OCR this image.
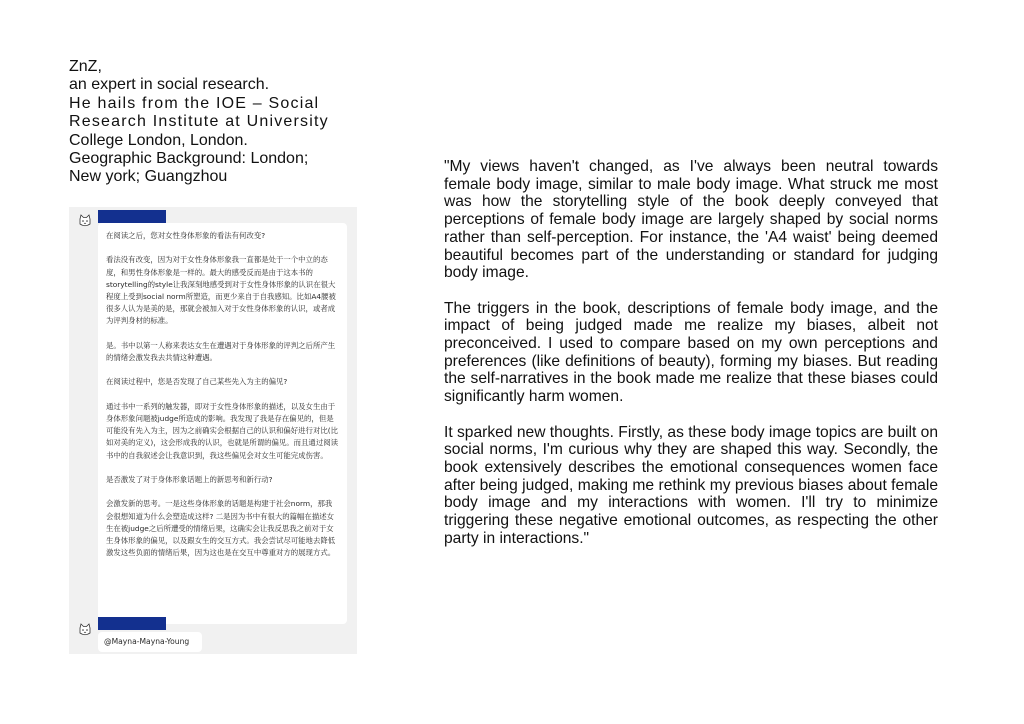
ZnZ,
an expert in social research.
He hails from the IOE – Social
Research Institute at University
College London, London.
Geographic Background: London;
New york; Guangzhou

在阅读之后，您对女性身体形象的看法有何改变?

看法没有改变，因为对于女性身体形象我一直都是处于一个中立的态度，和男性身体形象是一样的。最大的感受反而是由于这本书的storytelling的style让我深刻地感受到对于女性身体形象的认识在很大程度上受到social norm所塑造，而更少来自于自我感知。比如A4腰被很多人认为是美的是，那就会被加入对于女性身体形象的认识，或者成为评判身材的标准。

是。书中以第一人称来表达女生在遭遇对于身体形象的评判之后所产生的情绪会激发我去共情这种遭遇。

在阅读过程中，您是否发现了自己某些先入为主的偏见?

通过书中一系列的触发器，即对于女性身体形象的描述，以及女生由于身体形象问题被judge所造成的影响。我发现了我是存在偏见的，但是可能没有先入为主，因为之前确实会根据自己的认识和偏好进行对比(比如对美的定义)，这会形成我的认识，也就是所谓的偏见。而且通过阅读书中的自我叙述会让我意识到，我这些偏见会对女生可能完成伤害。

是否激发了对于身体形象话题上的新思考和新行动?

会激发新的思考。一是这些身体形象的话题是构建于社会norm，那我会很想知道为什么会塑造成这样? 二是因为书中有很大的篇幅在描述女生在被judge之后所遭受的情绪后果，这确实会让我反思我之前对于女生身体形象的偏见，以及跟女生的交互方式。我会尝试尽可能地去降低激发这些负面的情绪后果，因为这也是在交互中尊重对方的展现方式。

@Mayna-Mayna-Young

"My views haven't changed, as I've always been neutral towards female body image, similar to male body image. What struck me most was how the storytelling style of the book deeply conveyed that perceptions of female body image are largely shaped by social norms rather than self-perception. For instance, the 'A4 waist' being deemed beautiful becomes part of the understanding or standard for judging body image.

The triggers in the book, descriptions of female body image, and the impact of being judged made me realize my biases, albeit not preconceived. I used to compare based on my own perceptions and preferences (like definitions of beauty), forming my biases. But reading the self-narratives in the book made me realize that these biases could significantly harm women.

It sparked new thoughts. Firstly, as these body image topics are built on social norms, I'm curious why they are shaped this way. Secondly, the book extensively describes the emotional consequences women face after being judged, making me rethink my previous biases about female body image and my interactions with women. I'll try to minimize triggering these negative emotional outcomes, as respecting the other party in interactions."
